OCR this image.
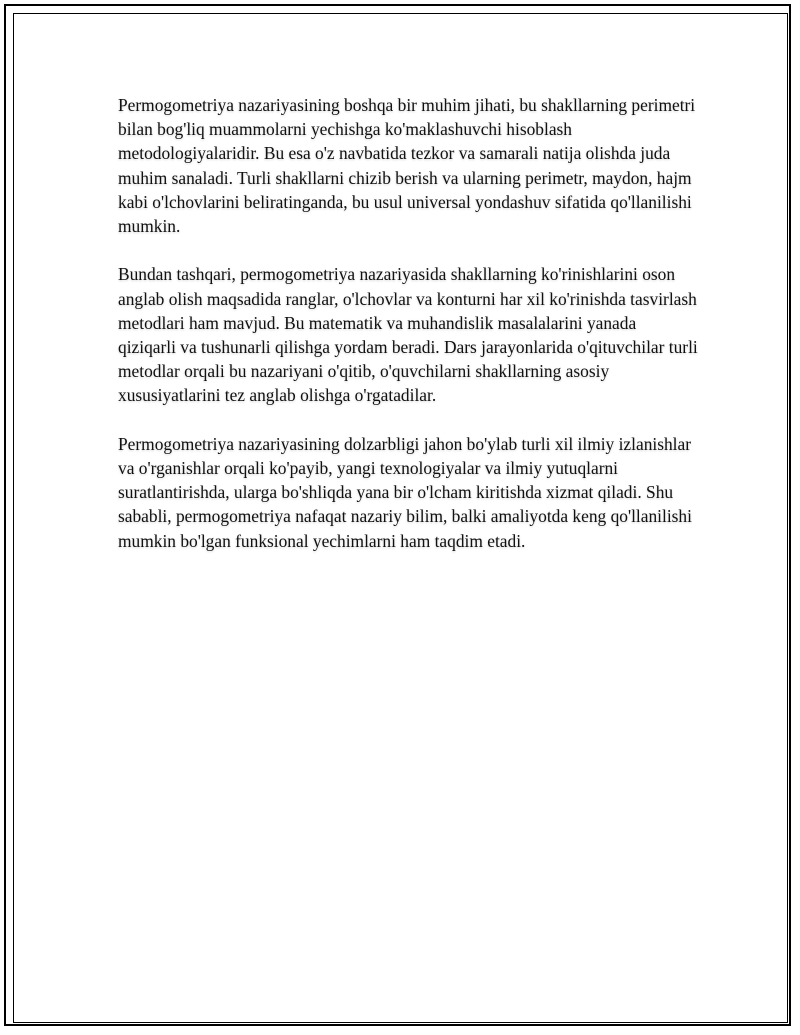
Permogometriya nazariyasining boshqa bir muhim jihati, bu shakllarning perimetri bilan bog'liq muammolarni yechishga ko'maklashuvchi hisoblash metodologiyalaridir. Bu esa o'z navbatida tezkor va samarali natija olishda juda muhim sanaladi. Turli shakllarni chizib berish va ularning perimetr, maydon, hajm kabi o'lchovlarini beliratinganda, bu usul universal yondashuv sifatida qo'llanilishi mumkin.

Bundan tashqari, permogometriya nazariyasida shakllarning ko'rinishlarini oson anglab olish maqsadida ranglar, o'lchovlar va konturni har xil ko'rinishda tasvirlash metodlari ham mavjud. Bu matematik va muhandislik masalalarini yanada qiziqarli va tushunarli qilishga yordam beradi. Dars jarayonlarida o'qituvchilar turli metodlar orqali bu nazariyani o'qitib, o'quvchilarni shakllarning asosiy xususiyatlarini tez anglab olishga o'rgatadilar.

Permogometriya nazariyasining dolzarbligi jahon bo'ylab turli xil ilmiy izlanishlar va o'rganishlar orqali ko'payib, yangi texnologiyalar va ilmiy yutuqlarni suratlantirishda, ularga bo'shliqda yana bir o'lcham kiritishda xizmat qiladi. Shu sababli, permogometriya nafaqat nazariy bilim, balki amaliyotda keng qo'llanilishi mumkin bo'lgan funksional yechimlarni ham taqdim etadi.
